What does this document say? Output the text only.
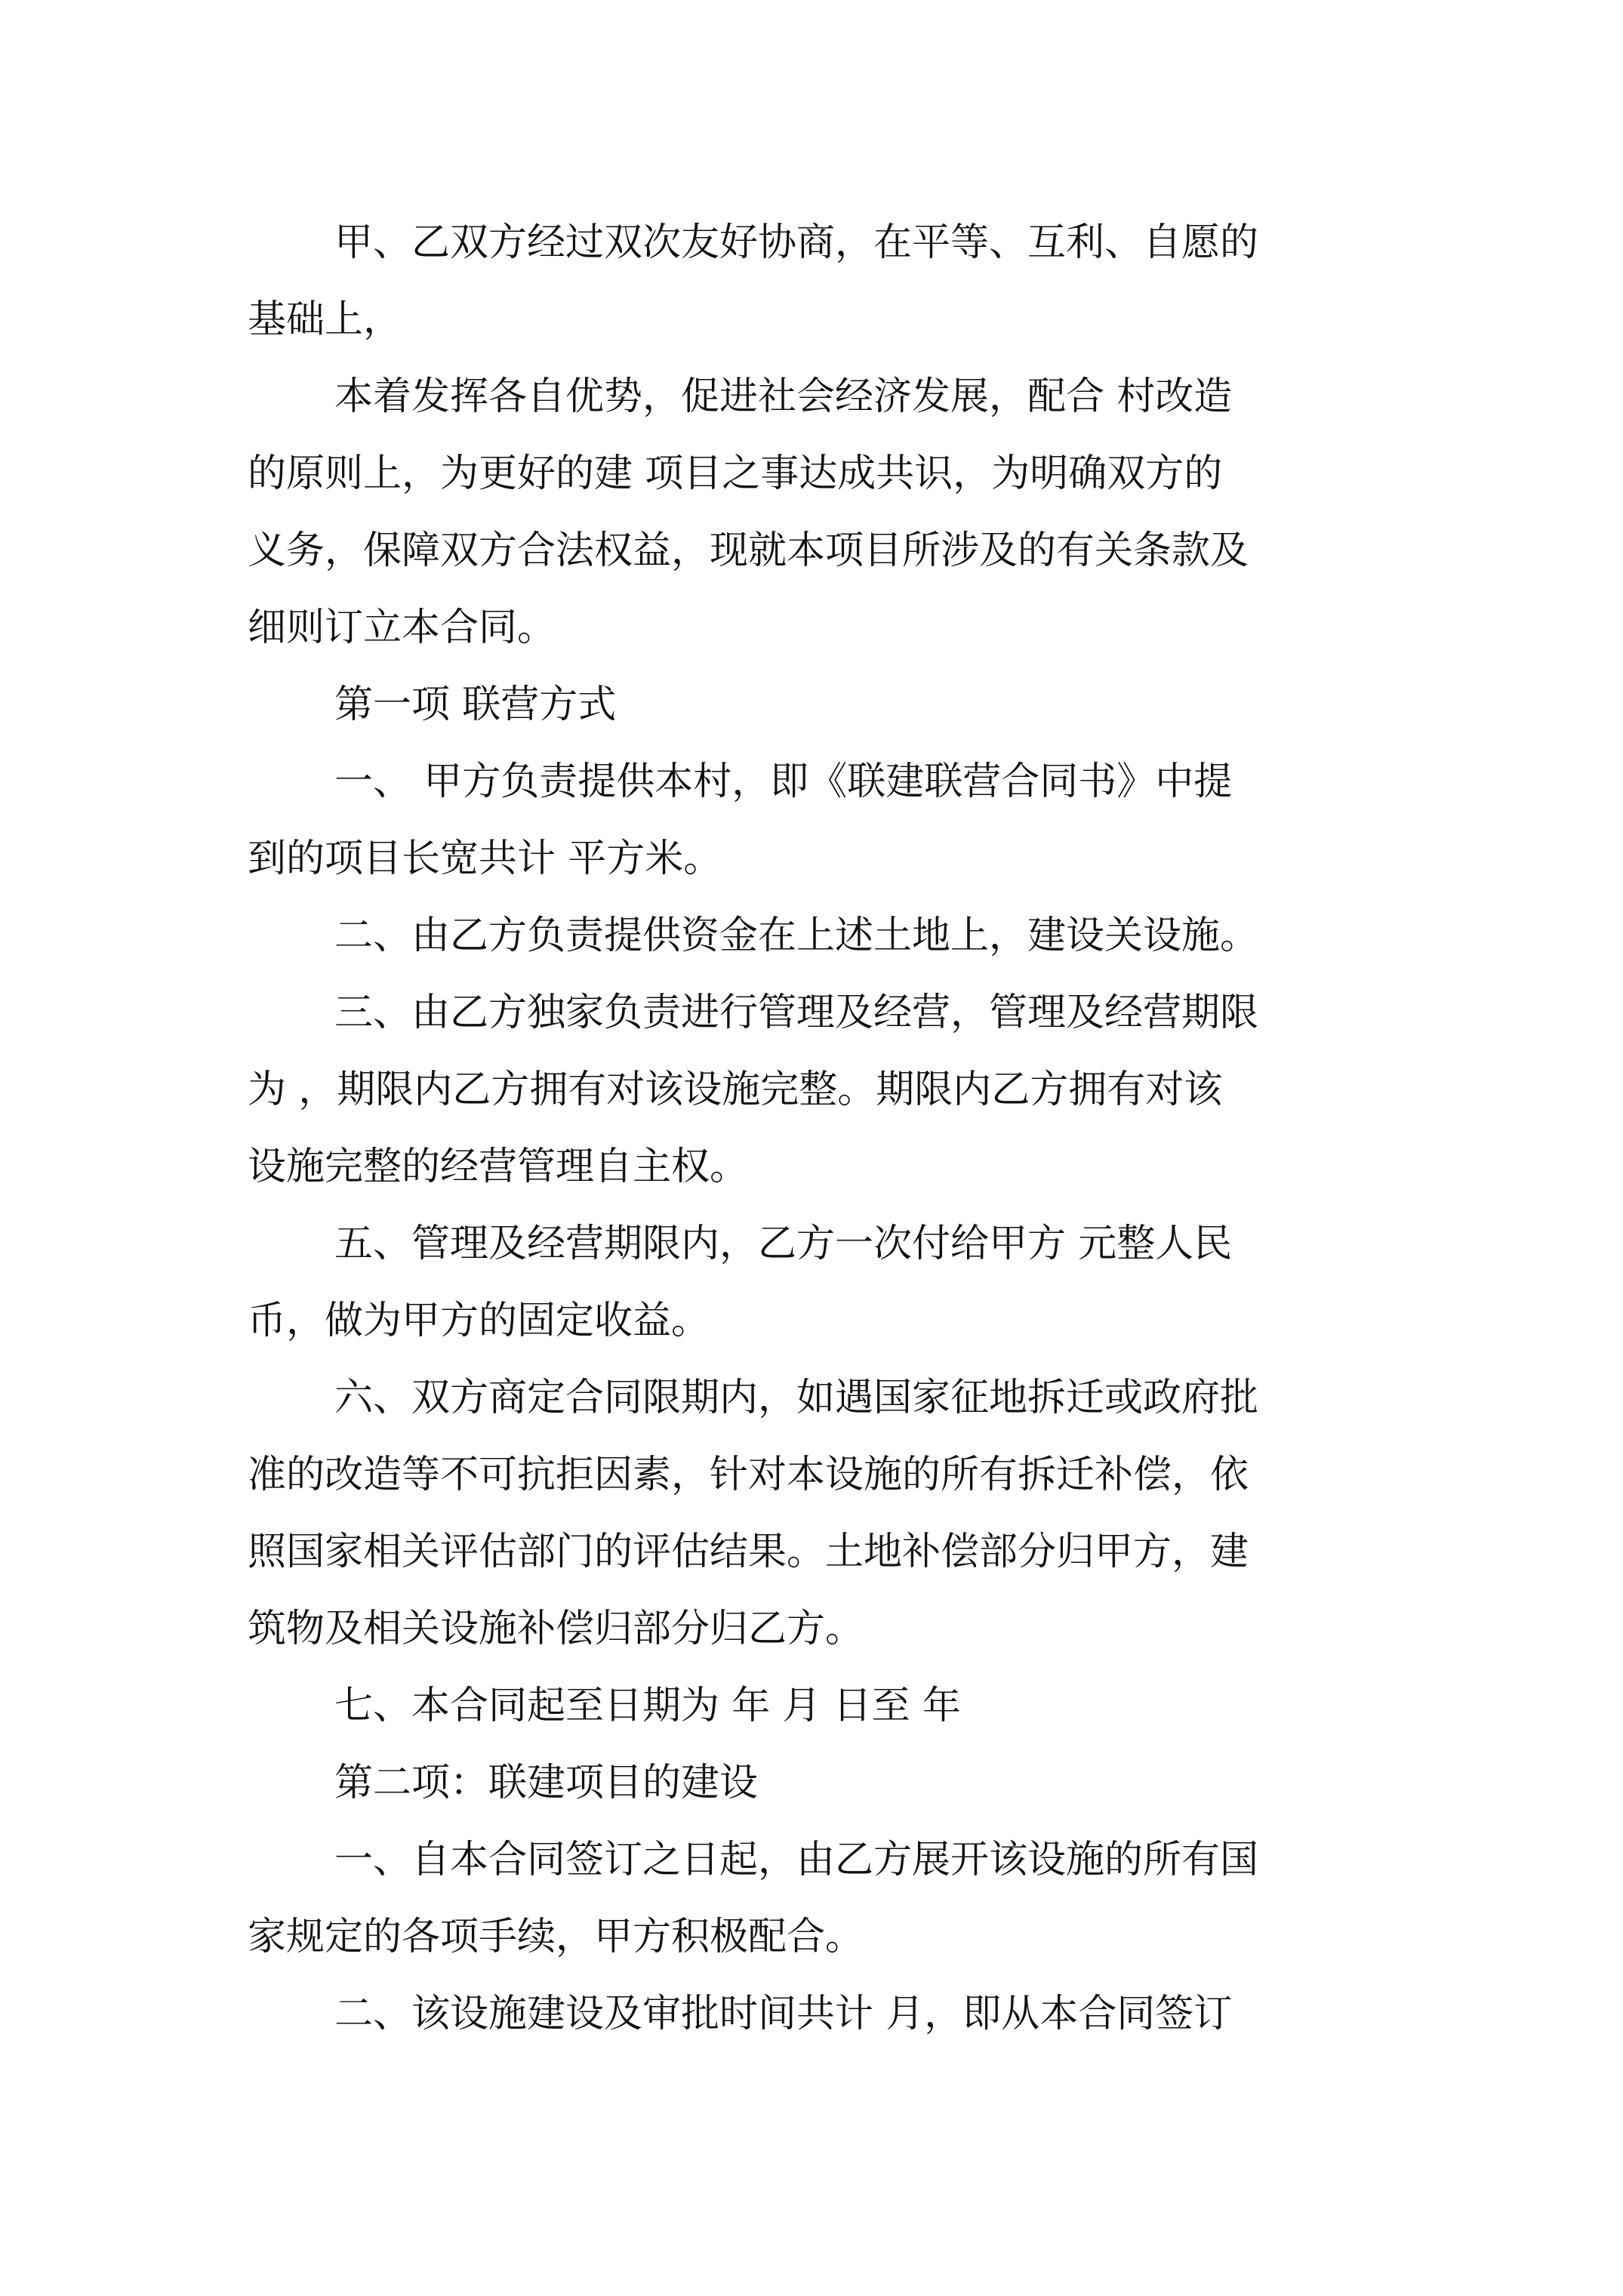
甲、乙双方经过双次友好协商，在平等、互利、自愿的

基础上，

本着发挥各自优势，促进社会经济发展，配合 村改造

的原则上，为更好的建 项目之事达成共识，为明确双方的

义务，保障双方合法权益，现就本项目所涉及的有关条款及

细则订立本合同。

第一项 联营方式

一、 甲方负责提供本村，即《联建联营合同书》中提

到的项目长宽共计 平方米。

二、由乙方负责提供资金在上述土地上，建设关设施。

三、由乙方独家负责进行管理及经营，管理及经营期限

为 ，期限内乙方拥有对该设施完整。期限内乙方拥有对该

设施完整的经营管理自主权。

五、管理及经营期限内，乙方一次付给甲方 元整人民

币，做为甲方的固定收益。

六、双方商定合同限期内，如遇国家征地拆迁或政府批

准的改造等不可抗拒因素，针对本设施的所有拆迁补偿，依

照国家相关评估部门的评估结果。土地补偿部分归甲方，建

筑物及相关设施补偿归部分归乙方。

七、本合同起至日期为 年 月 日至 年

第二项：联建项目的建设

一、自本合同签订之日起，由乙方展开该设施的所有国

家规定的各项手续，甲方积极配合。

二、该设施建设及审批时间共计 月，即从本合同签订
